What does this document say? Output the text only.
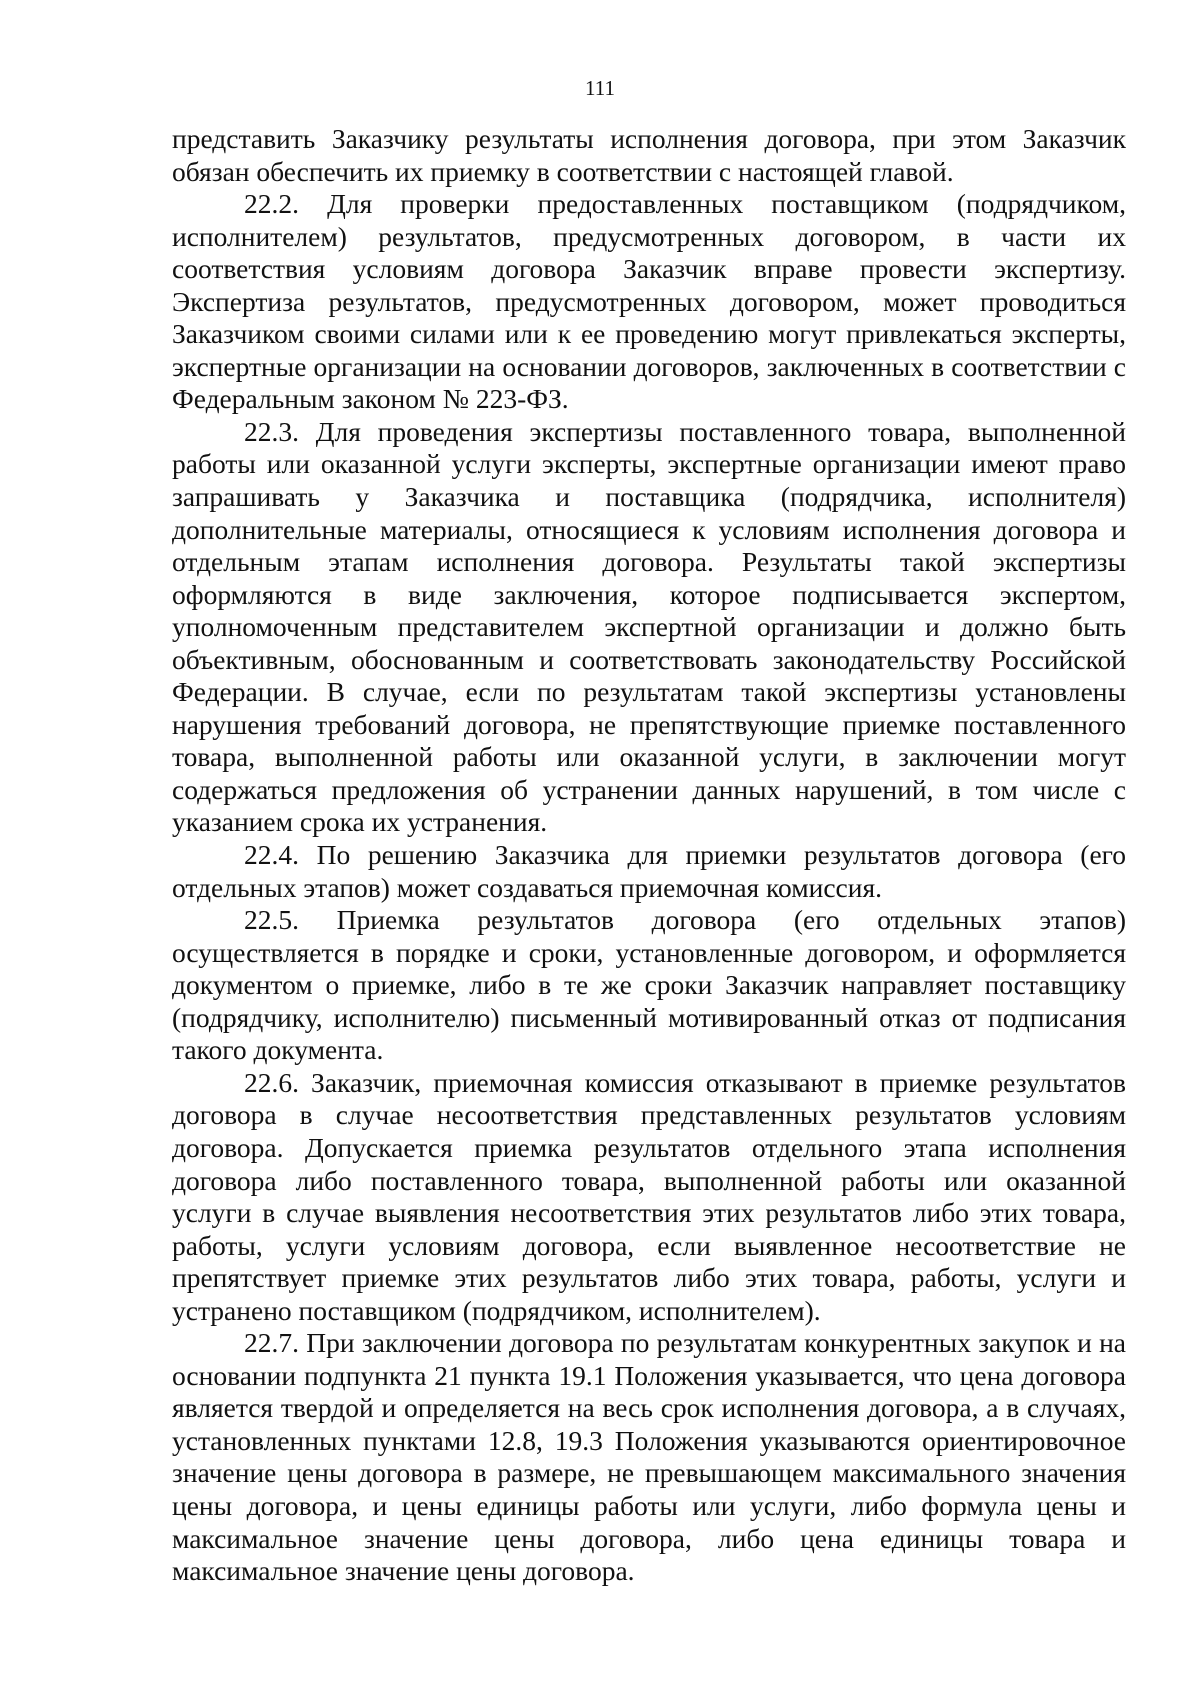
111

представить Заказчику результаты исполнения договора, при этом Заказчик обязан обеспечить их приемку в соответствии с настоящей главой.

22.2. Для проверки предоставленных поставщиком (подрядчиком, исполнителем) результатов, предусмотренных договором, в части их соответствия условиям договора Заказчик вправе провести экспертизу. Экспертиза результатов, предусмотренных договором, может проводиться Заказчиком своими силами или к ее проведению могут привлекаться эксперты, экспертные организации на основании договоров, заключенных в соответствии с Федеральным законом № 223-ФЗ.

22.3. Для проведения экспертизы поставленного товара, выполненной работы или оказанной услуги эксперты, экспертные организации имеют право запрашивать у Заказчика и поставщика (подрядчика, исполнителя) дополнительные материалы, относящиеся к условиям исполнения договора и отдельным этапам исполнения договора. Результаты такой экспертизы оформляются в виде заключения, которое подписывается экспертом, уполномоченным представителем экспертной организации и должно быть объективным, обоснованным и соответствовать законодательству Российской Федерации. В случае, если по результатам такой экспертизы установлены нарушения требований договора, не препятствующие приемке поставленного товара, выполненной работы или оказанной услуги, в заключении могут содержаться предложения об устранении данных нарушений, в том числе с указанием срока их устранения.

22.4. По решению Заказчика для приемки результатов договора (его отдельных этапов) может создаваться приемочная комиссия.

22.5. Приемка результатов договора (его отдельных этапов) осуществляется в порядке и сроки, установленные договором, и оформляется документом о приемке, либо в те же сроки Заказчик направляет поставщику (подрядчику, исполнителю) письменный мотивированный отказ от подписания такого документа.

22.6. Заказчик, приемочная комиссия отказывают в приемке результатов договора в случае несоответствия представленных результатов условиям договора. Допускается приемка результатов отдельного этапа исполнения договора либо поставленного товара, выполненной работы или оказанной услуги в случае выявления несоответствия этих результатов либо этих товара, работы, услуги условиям договора, если выявленное несоответствие не препятствует приемке этих результатов либо этих товара, работы, услуги и устранено поставщиком (подрядчиком, исполнителем).

22.7. При заключении договора по результатам конкурентных закупок и на основании подпункта 21 пункта 19.1 Положения указывается, что цена договора является твердой и определяется на весь срок исполнения договора, а в случаях, установленных пунктами 12.8, 19.3 Положения указываются ориентировочное значение цены договора в размере, не превышающем максимального значения цены договора, и цены единицы работы или услуги, либо формула цены и максимальное значение цены договора, либо цена единицы товара и максимальное значение цены договора.
